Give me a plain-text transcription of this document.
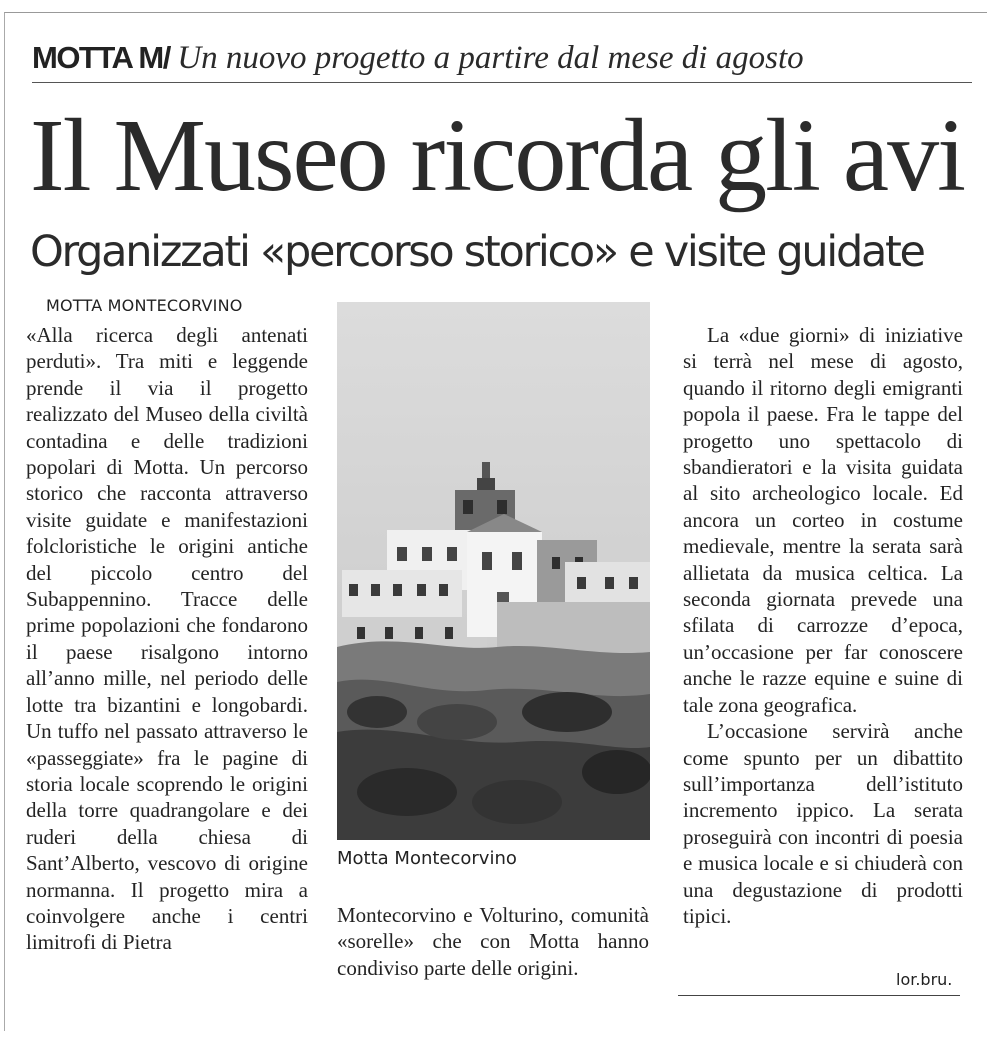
MOTTA M/ Un nuovo progetto a partire dal mese di agosto
Il Museo ricorda gli avi
Organizzati «percorso storico» e visite guidate
MOTTA MONTECORVINO

«Alla ricerca degli antenati perduti». Tra miti e leggende prende il via il progetto realizzato del Museo della civiltà contadina e delle tradizioni popolari di Motta. Un percorso storico che racconta attraverso visite guidate e manifestazioni folcloristiche le origini antiche del piccolo centro del Subappennino. Tracce delle prime popolazioni che fondarono il paese risalgono intorno all’anno mille, nel periodo delle lotte tra bizantini e longobardi. Un tuffo nel passato attraverso le «passeggiate» fra le pagine di storia locale scoprendo le origini della torre quadrangolare e dei ruderi della chiesa di Sant’Alberto, vescovo di origine normanna. Il progetto mira a coinvolgere anche i centri limitrofi di Pietra

Motta Montecorvino

Montecorvino e Volturino, comunità «sorelle» che con Motta hanno condiviso parte delle origini.

La «due giorni» di iniziative si terrà nel mese di agosto, quando il ritorno degli emigranti popola il paese. Fra le tappe del progetto uno spettacolo di sbandieratori e la visita guidata al sito archeologico locale. Ed ancora un corteo in costume medievale, mentre la serata sarà allietata da musica celtica. La seconda giornata prevede una sfilata di carrozze d’epoca, un’occasione per far conoscere anche le razze equine e suine di tale zona geografica.
L’occasione servirà anche come spunto per un dibattito sull’importanza dell’istituto incremento ippico. La serata proseguirà con incontri di poesia e musica locale e si chiuderà con una degustazione di prodotti tipici.
lor.bru.
